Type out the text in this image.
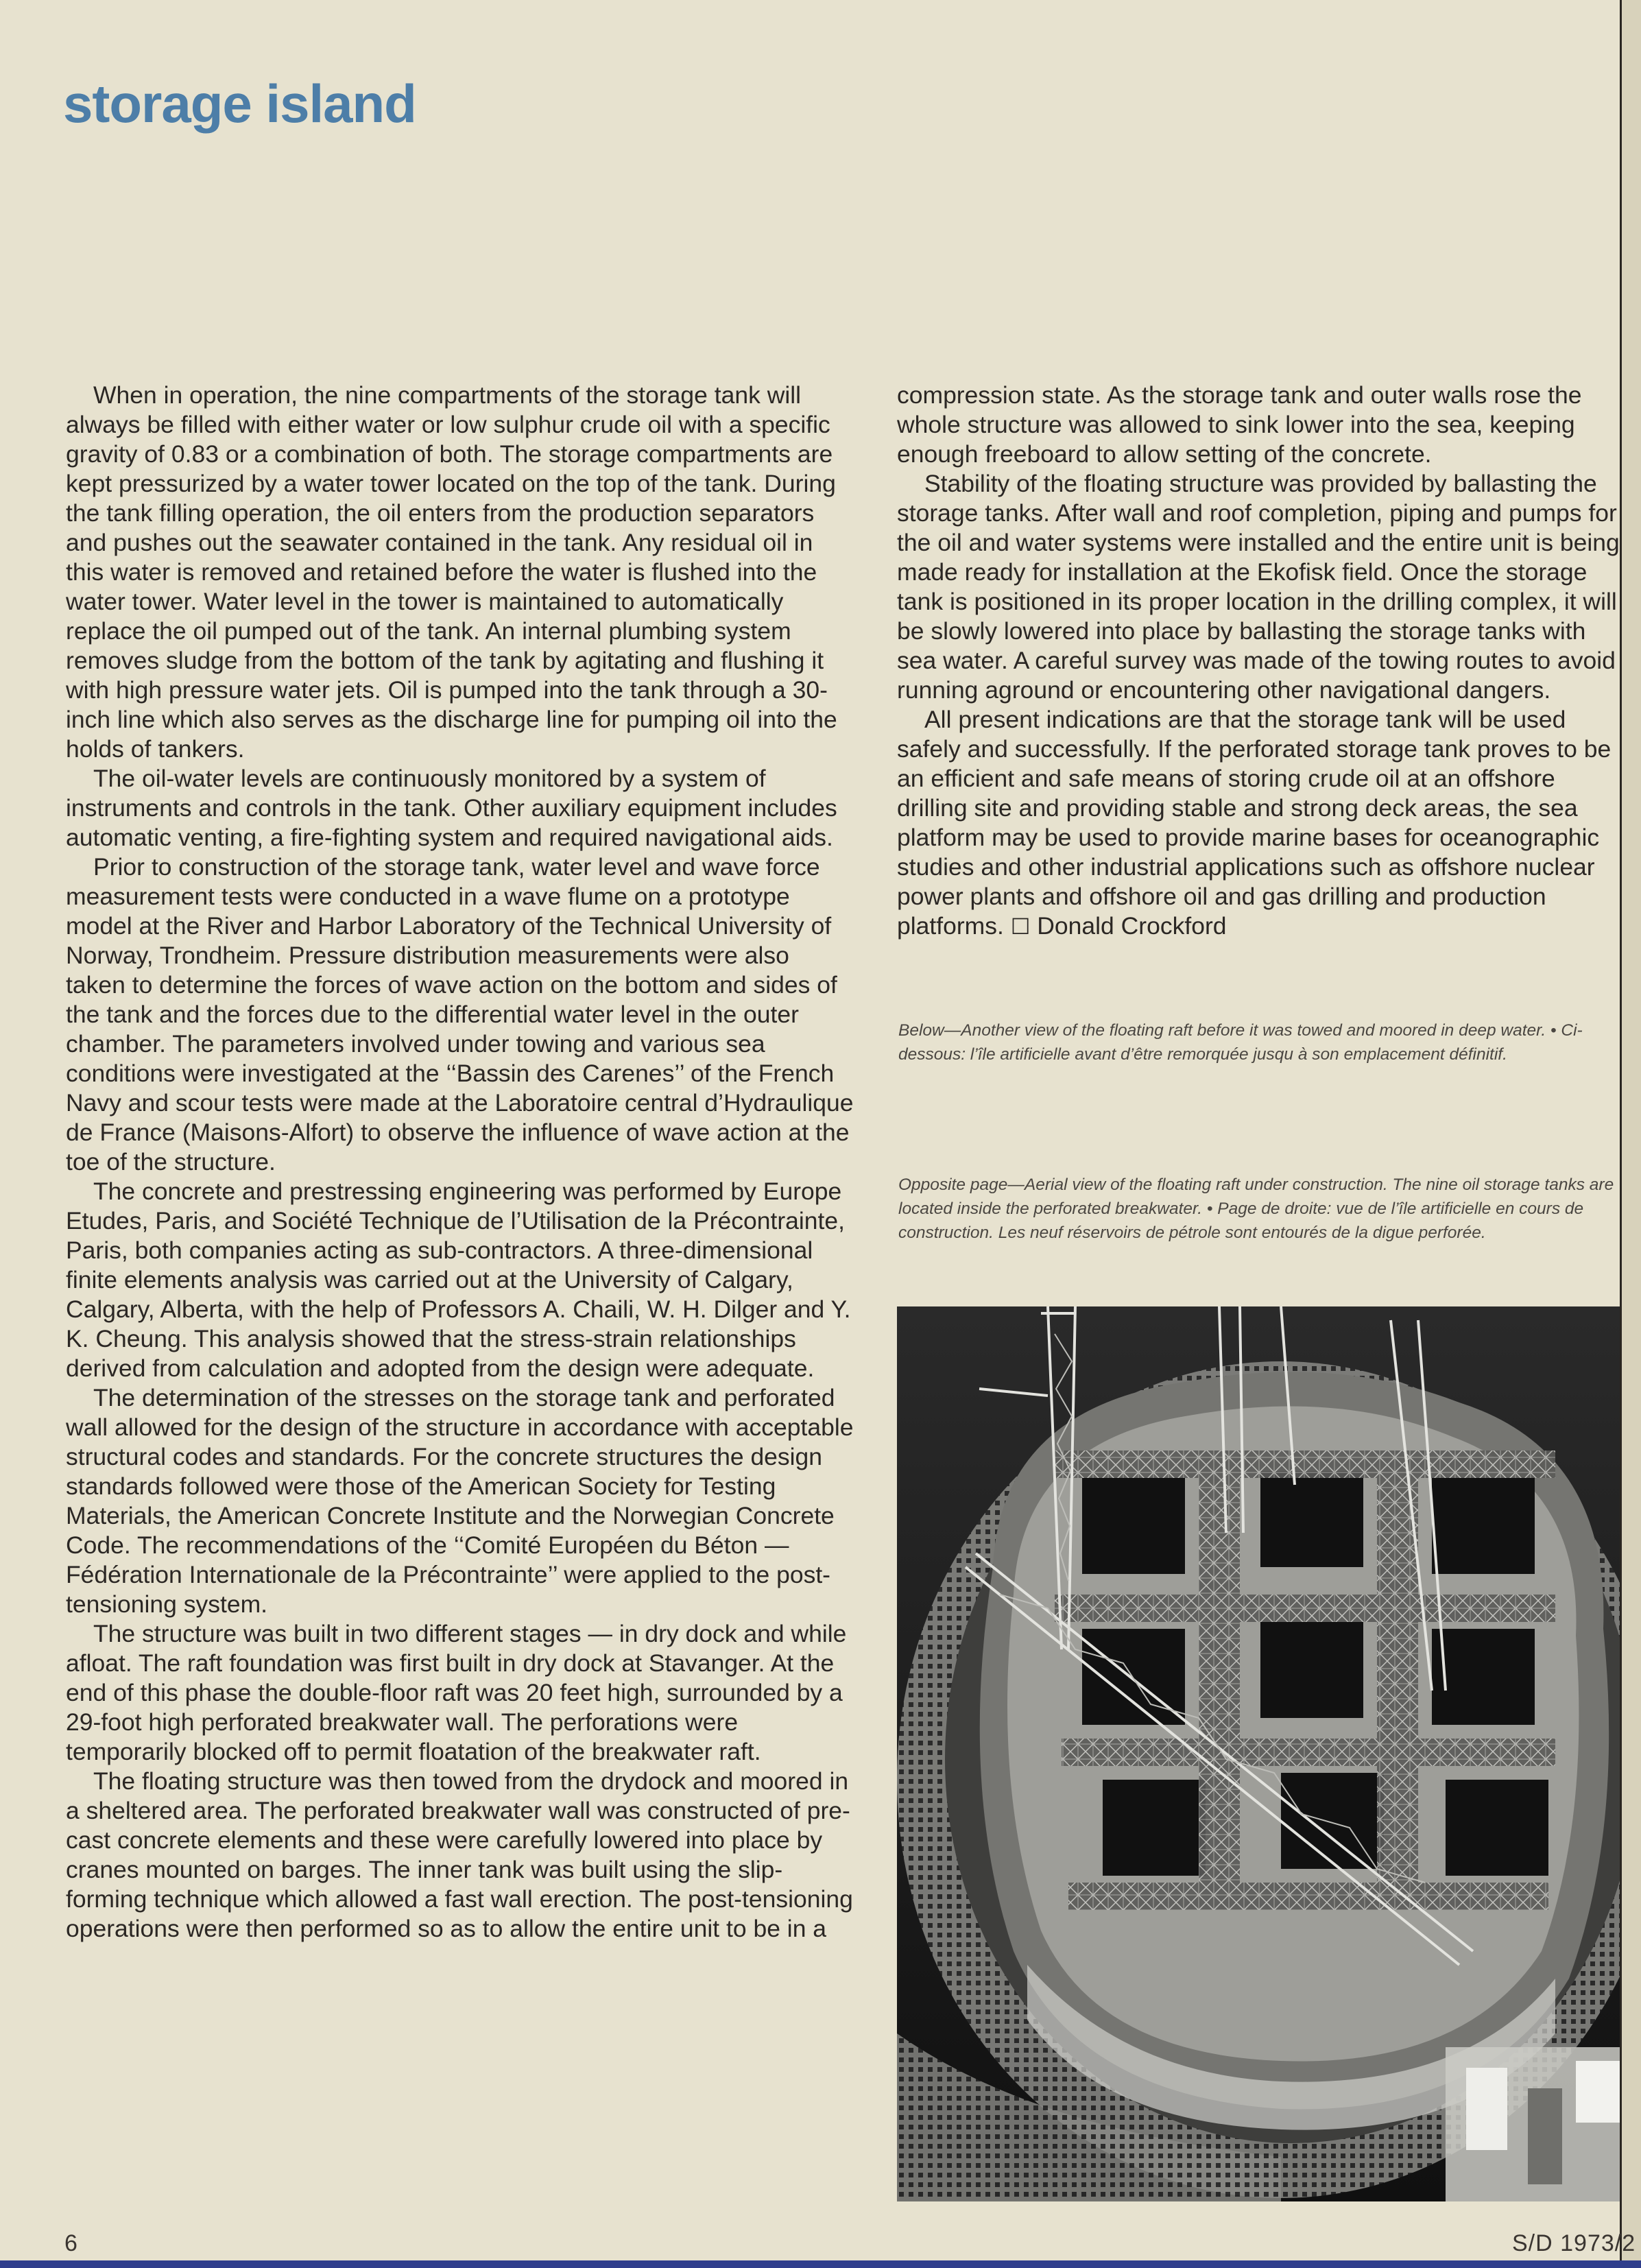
storage island

When in operation, the nine compartments of the storage tank will always be filled with either water or low sulphur crude oil with a specific gravity of 0.83 or a combination of both. The storage compartments are kept pressurized by a water tower located on the top of the tank. During the tank filling operation, the oil enters from the production separators and pushes out the seawater contained in the tank. Any residual oil in this water is removed and retained before the water is flushed into the water tower. Water level in the tower is maintained to automatically replace the oil pumped out of the tank. An internal plumbing system removes sludge from the bottom of the tank by agitating and flushing it with high pressure water jets. Oil is pumped into the tank through a 30-inch line which also serves as the discharge line for pumping oil into the holds of tankers.

The oil-water levels are continuously monitored by a system of instruments and controls in the tank. Other auxiliary equipment includes automatic venting, a fire-fighting system and required navigational aids.

Prior to construction of the storage tank, water level and wave force measurement tests were conducted in a wave flume on a prototype model at the River and Harbor Laboratory of the Technical University of Norway, Trondheim. Pressure distribution measurements were also taken to determine the forces of wave action on the bottom and sides of the tank and the forces due to the differential water level in the outer chamber. The parameters involved under towing and various sea conditions were investigated at the ‘‘Bassin des Carenes’’ of the French Navy and scour tests were made at the Laboratoire central d’Hydraulique de France (Maisons-Alfort) to observe the influence of wave action at the toe of the structure.

The concrete and prestressing engineering was performed by Europe Etudes, Paris, and Société Technique de l’Utilisation de la Précontrainte, Paris, both companies acting as sub-contractors. A three-dimensional finite elements analysis was carried out at the University of Calgary, Calgary, Alberta, with the help of Professors A. Chaili, W. H. Dilger and Y. K. Cheung. This analysis showed that the stress-strain relationships derived from calculation and adopted from the design were adequate.

The determination of the stresses on the storage tank and perforated wall allowed for the design of the structure in accordance with acceptable structural codes and standards. For the concrete structures the design standards followed were those of the American Society for Testing Materials, the American Concrete Institute and the Norwegian Concrete Code. The recommendations of the ‘‘Comité Européen du Béton — Fédération Internationale de la Précontrainte’’ were applied to the post-tensioning system.

The structure was built in two different stages — in dry dock and while afloat. The raft foundation was first built in dry dock at Stavanger. At the end of this phase the double-floor raft was 20 feet high, surrounded by a 29-foot high perforated breakwater wall. The perforations were temporarily blocked off to permit floatation of the breakwater raft.

The floating structure was then towed from the drydock and moored in a sheltered area. The perforated breakwater wall was constructed of pre-cast concrete elements and these were carefully lowered into place by cranes mounted on barges. The inner tank was built using the slip-forming technique which allowed a fast wall erection. The post-tensioning operations were then performed so as to allow the entire unit to be in a

compression state. As the storage tank and outer walls rose the whole structure was allowed to sink lower into the sea, keeping enough freeboard to allow setting of the concrete.

Stability of the floating structure was provided by ballasting the storage tanks. After wall and roof completion, piping and pumps for the oil and water systems were installed and the entire unit is being made ready for installation at the Ekofisk field. Once the storage tank is positioned in its proper location in the drilling complex, it will be slowly lowered into place by ballasting the storage tanks with sea water. A careful survey was made of the towing routes to avoid running aground or encountering other navigational dangers.

All present indications are that the storage tank will be used safely and successfully. If the perforated storage tank proves to be an efficient and safe means of storing crude oil at an offshore drilling site and providing stable and strong deck areas, the sea platform may be used to provide marine bases for oceanographic studies and other industrial applications such as offshore nuclear power plants and offshore oil and gas drilling and production platforms. ☐ Donald Crockford

Below—Another view of the floating raft before it was towed and moored in deep water. • Ci-dessous: l’île artificielle avant d’être remorquée jusqu à son emplacement définitif.

Opposite page—Aerial view of the floating raft under construction. The nine oil storage tanks are located inside the perforated breakwater. • Page de droite: vue de l’île artificielle en cours de construction. Les neuf réservoirs de pétrole sont entourés de la digue perforée.

6	S/D 1973/2
